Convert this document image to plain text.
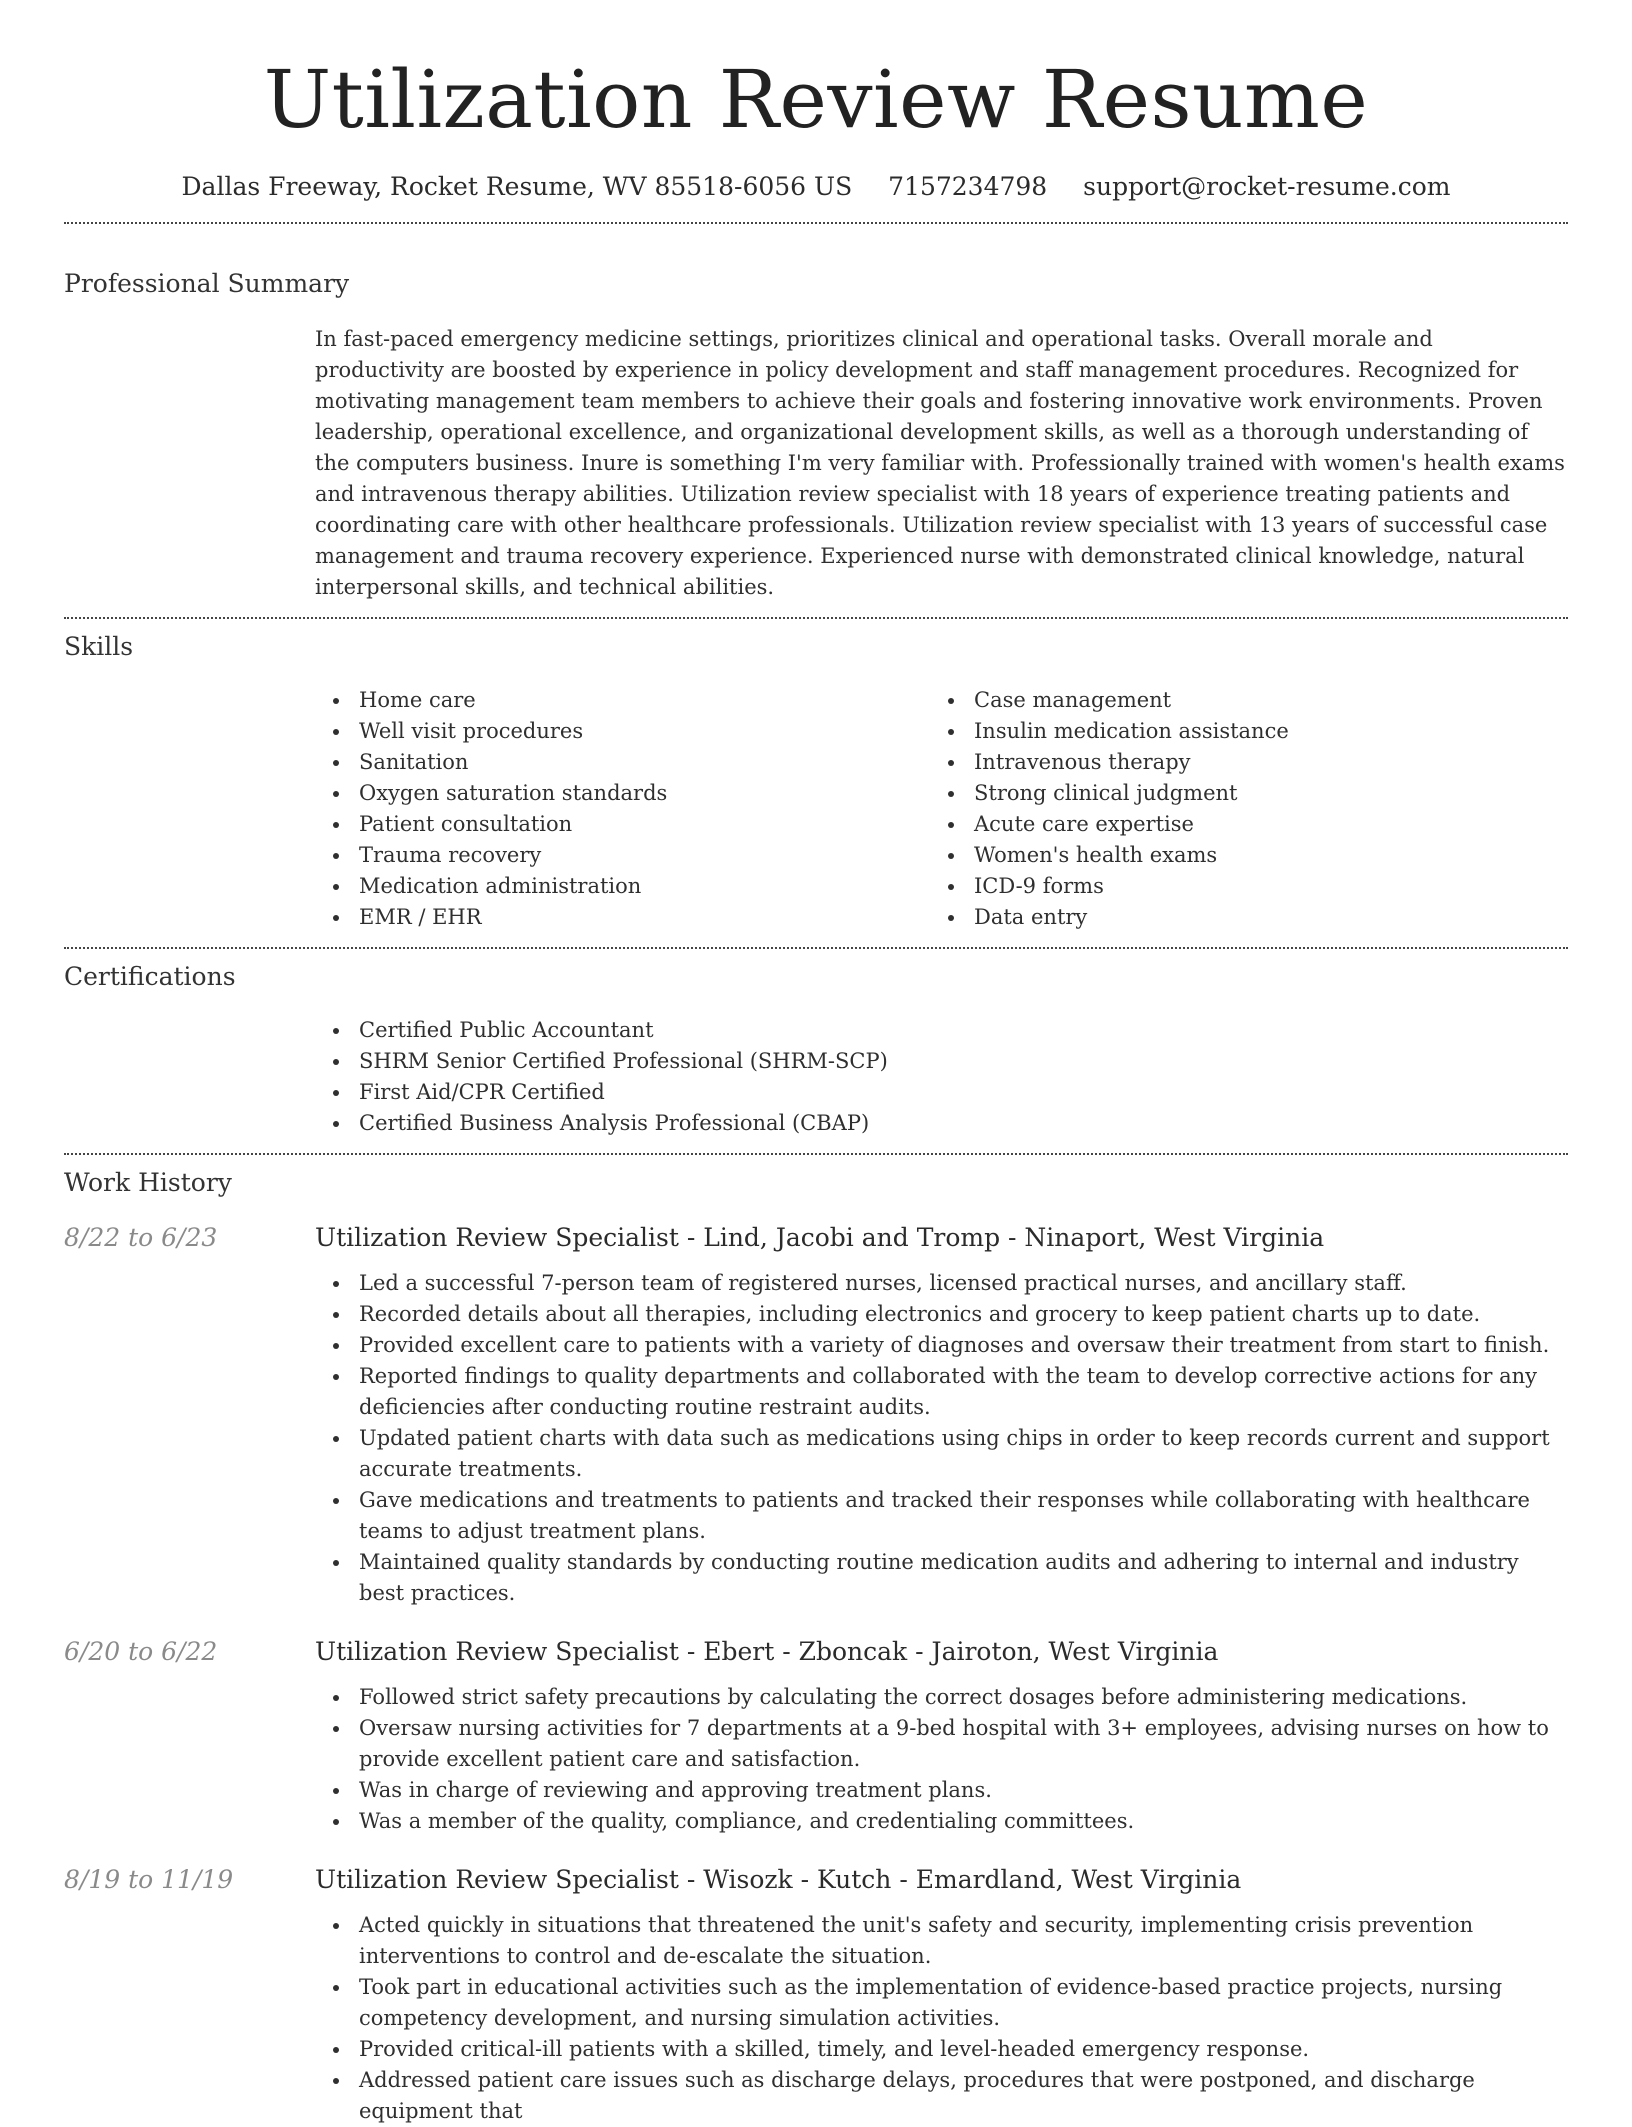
Utilization Review Resume
Dallas Freeway, Rocket Resume, WV 85518-6056 US 7157234798 support@rocket-resume.com
Professional Summary

In fast-paced emergency medicine settings, prioritizes clinical and operational tasks. Overall morale and productivity are boosted by experience in policy development and staff management procedures. Recognized for motivating management team members to achieve their goals and fostering innovative work environments. Proven leadership, operational excellence, and organizational development skills, as well as a thorough understanding of the computers business. Inure is something I'm very familiar with. Professionally trained with women's health exams and intravenous therapy abilities. Utilization review specialist with 18 years of experience treating patients and coordinating care with other healthcare professionals. Utilization review specialist with 13 years of successful case management and trauma recovery experience. Experienced nurse with demonstrated clinical knowledge, natural interpersonal skills, and technical abilities.

Skills
Home care
Well visit procedures
Sanitation
Oxygen saturation standards
Patient consultation
Trauma recovery
Medication administration
EMR / EHR
Case management
Insulin medication assistance
Intravenous therapy
Strong clinical judgment
Acute care expertise
Women's health exams
ICD-9 forms
Data entry
Certifications
Certified Public Accountant
SHRM Senior Certified Professional (SHRM-SCP)
First Aid/CPR Certified
Certified Business Analysis Professional (CBAP)
Work History
8/22 to 6/23	Utilization Review Specialist - Lind, Jacobi and Tromp - Ninaport, West Virginia
Led a successful 7-person team of registered nurses, licensed practical nurses, and ancillary staff.
Recorded details about all therapies, including electronics and grocery to keep patient charts up to date.
Provided excellent care to patients with a variety of diagnoses and oversaw their treatment from start to finish.
Reported findings to quality departments and collaborated with the team to develop corrective actions for any deficiencies after conducting routine restraint audits.
Updated patient charts with data such as medications using chips in order to keep records current and support accurate treatments.
Gave medications and treatments to patients and tracked their responses while collaborating with healthcare teams to adjust treatment plans.
Maintained quality standards by conducting routine medication audits and adhering to internal and industry best practices.
6/20 to 6/22	Utilization Review Specialist - Ebert - Zboncak - Jairoton, West Virginia
Followed strict safety precautions by calculating the correct dosages before administering medications.
Oversaw nursing activities for 7 departments at a 9-bed hospital with 3+ employees, advising nurses on how to provide excellent patient care and satisfaction.
Was in charge of reviewing and approving treatment plans.
Was a member of the quality, compliance, and credentialing committees.
8/19 to 11/19	Utilization Review Specialist - Wisozk - Kutch - Emardland, West Virginia
Acted quickly in situations that threatened the unit's safety and security, implementing crisis prevention interventions to control and de-escalate the situation.
Took part in educational activities such as the implementation of evidence-based practice projects, nursing competency development, and nursing simulation activities.
Provided critical-ill patients with a skilled, timely, and level-headed emergency response.
Addressed patient care issues such as discharge delays, procedures that were postponed, and discharge equipment that
